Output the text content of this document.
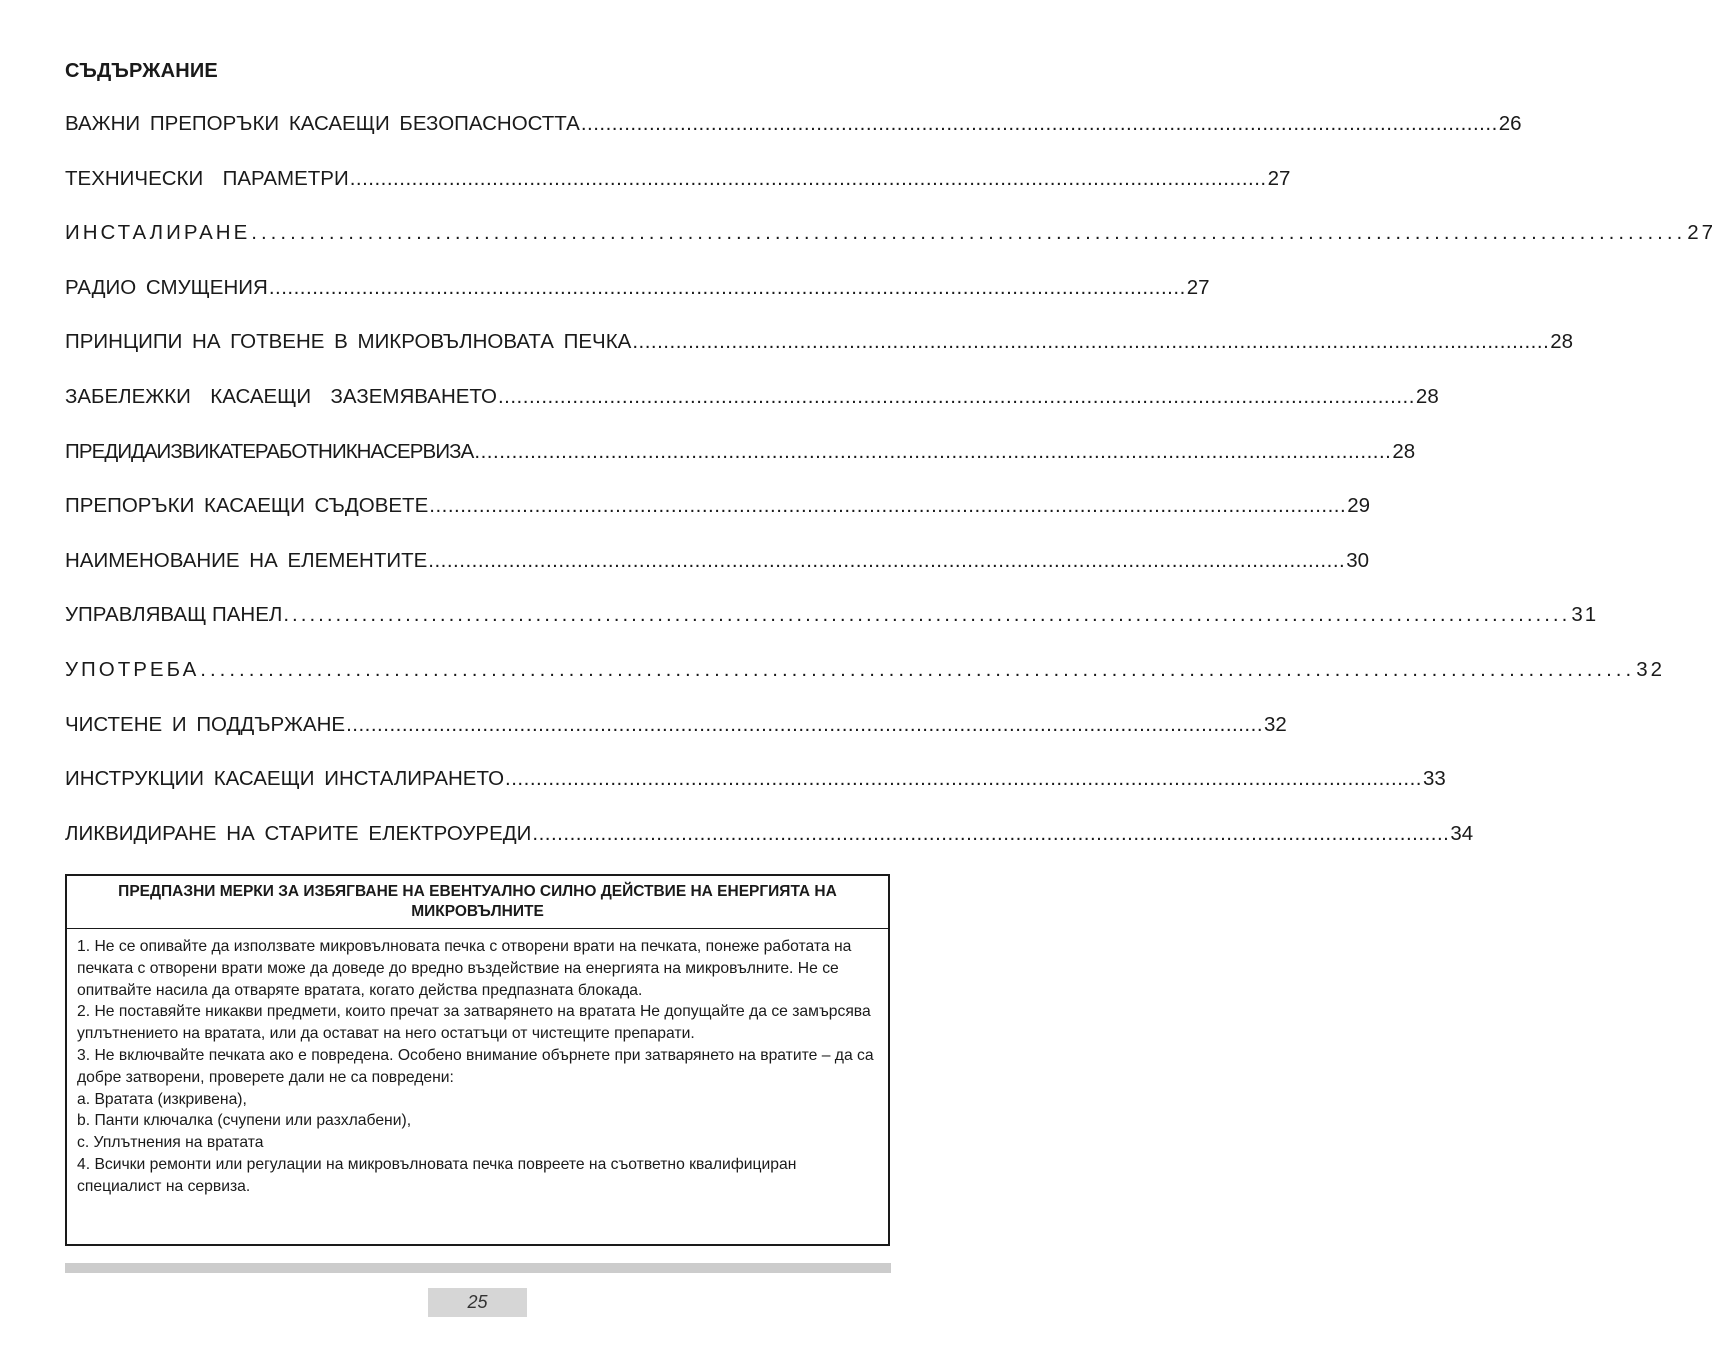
СЪДЪРЖАНИЕ
ВАЖНИ ПРЕПОРЪКИ КАСАЕЩИ БЕЗОПАСНОСТТА .................................................................................................................................................... 26
ТЕХНИЧЕСКИ  ПАРАМЕТРИ .................................................................................................................................................... 27
ИНСТАЛИРАНЕ .................................................................................................................................................... 27
РАДИО СМУЩЕНИЯ .................................................................................................................................................... 27
ПРИНЦИПИ НА ГОТВЕНЕ В МИКРОВЪЛНОВАТА ПЕЧКА .................................................................................................................................................... 28
ЗАБЕЛЕЖКИ  КАСАЕЩИ  ЗАЗЕМЯВАНЕТО .................................................................................................................................................... 28
ПРЕДИ ДА ИЗВИКАТЕ РАБОТНИК НА СЕРВИЗА .................................................................................................................................................... 28
ПРЕПОРЪКИ КАСАЕЩИ СЪДОВЕТЕ .................................................................................................................................................... 29
НАИМЕНОВАНИЕ НА ЕЛЕМЕНТИТЕ .................................................................................................................................................... 30
УПРАВЛЯВАЩ ПАНЕЛ .................................................................................................................................................... 31
УПОТРЕБА .................................................................................................................................................... 32
ЧИСТЕНЕ И ПОДДЪРЖАНЕ .................................................................................................................................................... 32
ИНСТРУКЦИИ КАСАЕЩИ ИНСТАЛИРАНЕТО .................................................................................................................................................... 33
ЛИКВИДИРАНЕ НА СТАРИТЕ ЕЛЕКТРОУРЕДИ .................................................................................................................................................... 34
ПРЕДПАЗНИ МЕРКИ ЗА ИЗБЯГВАНЕ НА ЕВЕНТУАЛНО СИЛНО ДЕЙСТВИЕ НА ЕНЕРГИЯТА НА МИКРОВЪЛНИТЕ

1. Не се опивайте да използвате микровълновата печка с отворени врати на печката, понеже работата на печката с отворени врати може да доведе до вредно въздействие на енергията на микровълните. Не се опитвайте насила да отваряте вратата, когато действа предпазната блокада.

2. Не поставяйте никакви предмети, които пречат за затварянето на вратата Не допущайте да се замърсява уплътнението на вратата, или да остават на него остатъци от чистещите препарати.

3. Не включвайте печката ако е повредена. Особено внимание обърнете при затварянето на вратите – да са добре затворени, проверете дали не са повредени:

a. Вратата (изкривена),

b. Панти ключалка (счупени или разхлабени),

c. Уплътнения на вратата

4. Всички ремонти или регулации на микровълновата печка повреете на съответно квалифициран специалист на сервиза.

25
